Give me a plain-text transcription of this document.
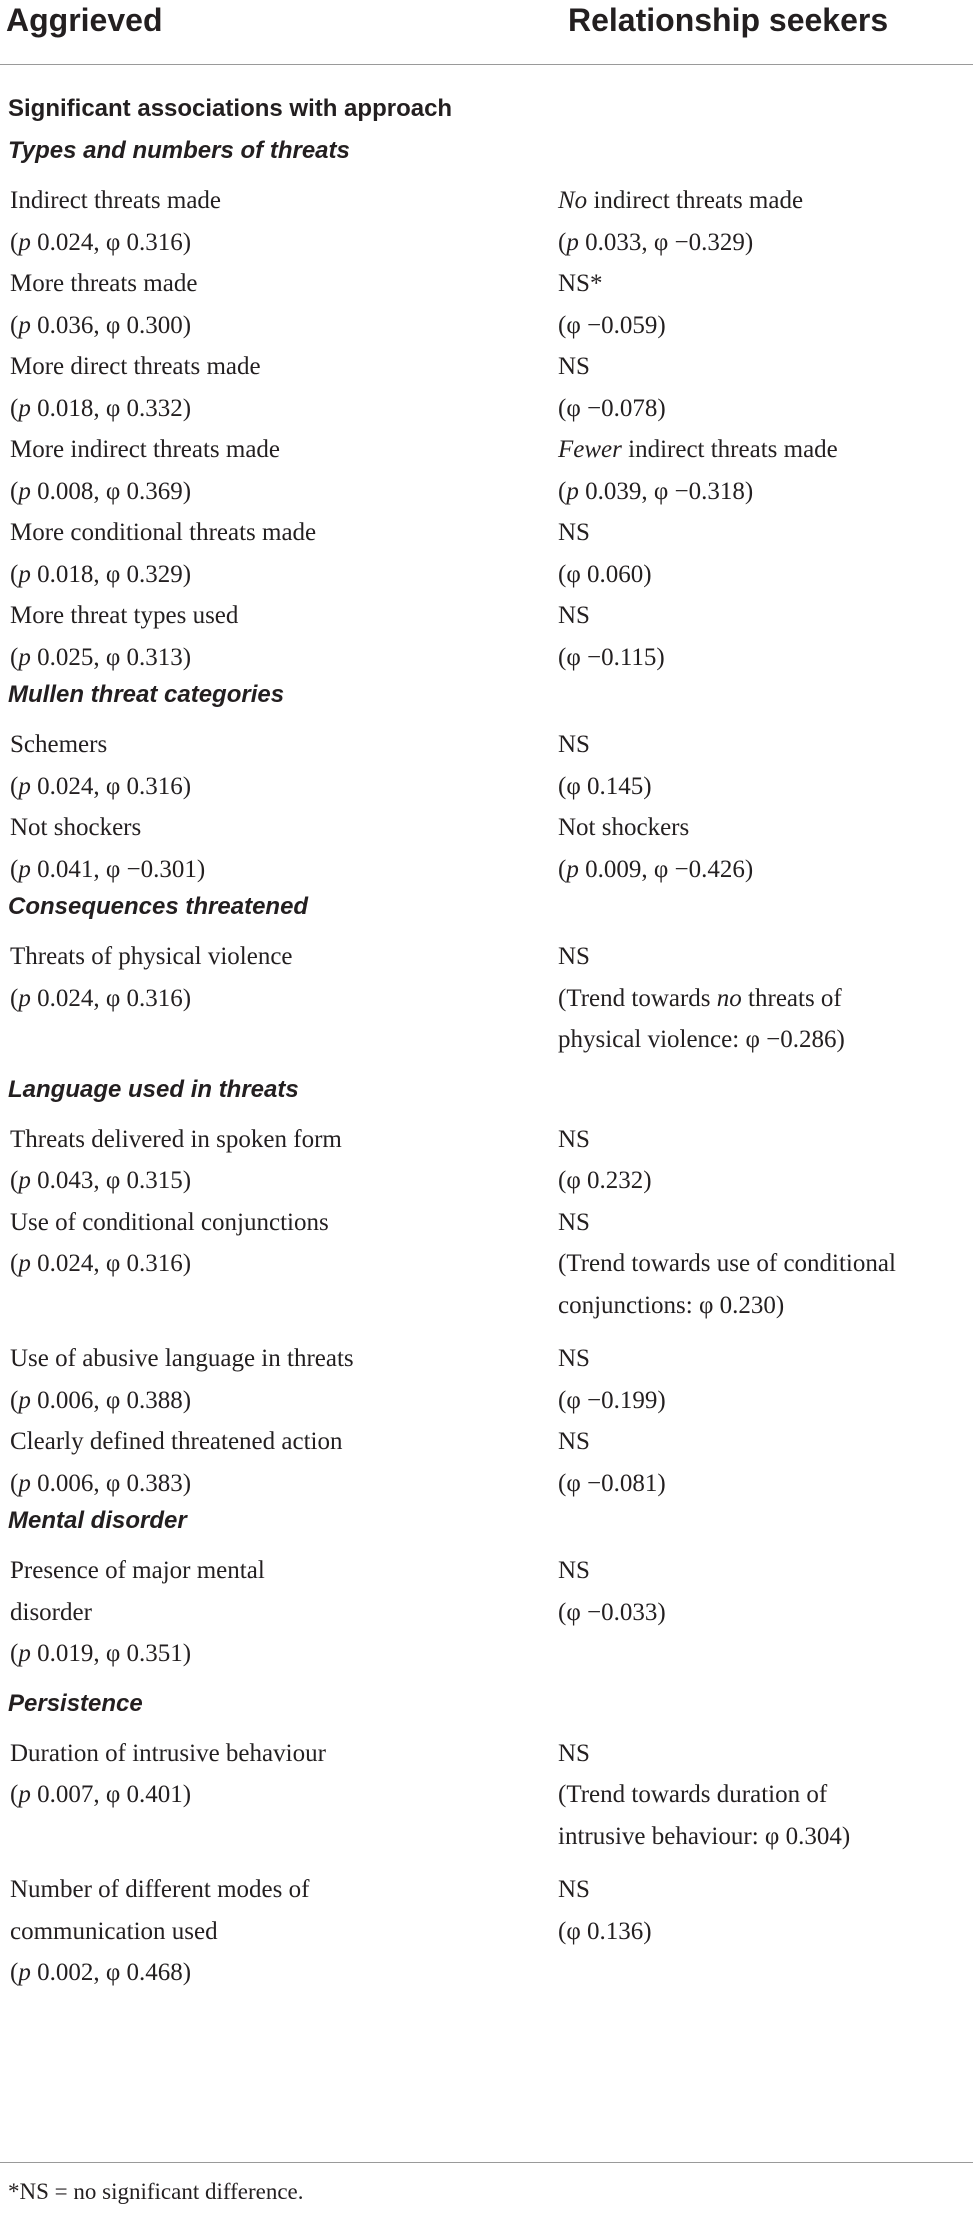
Aggrieved	Relationship seekers
Significant associations with approach
Types and numbers of threats
Indirect threats made
(p 0.024, φ 0.316)
No indirect threats made
(p 0.033, φ −0.329)
More threats made
(p 0.036, φ 0.300)
NS*
(φ −0.059)
More direct threats made
(p 0.018, φ 0.332)
NS
(φ −0.078)
More indirect threats made
(p 0.008, φ 0.369)
Fewer indirect threats made
(p 0.039, φ −0.318)
More conditional threats made
(p 0.018, φ 0.329)
NS
(φ 0.060)
More threat types used
(p 0.025, φ 0.313)
NS
(φ −0.115)
Mullen threat categories
Schemers
(p 0.024, φ 0.316)
NS
(φ 0.145)
Not shockers
(p 0.041, φ −0.301)
Not shockers
(p 0.009, φ −0.426)
Consequences threatened
Threats of physical violence
(p 0.024, φ 0.316)
NS
(Trend towards no threats of
physical violence: φ −0.286)
Language used in threats
Threats delivered in spoken form
(p 0.043, φ 0.315)
NS
(φ 0.232)
Use of conditional conjunctions
(p 0.024, φ 0.316)
NS
(Trend towards use of conditional
conjunctions: φ 0.230)
Use of abusive language in threats
(p 0.006, φ 0.388)
NS
(φ −0.199)
Clearly defined threatened action
(p 0.006, φ 0.383)
NS
(φ −0.081)
Mental disorder
Presence of major mental
disorder
(p 0.019, φ 0.351)
NS
(φ −0.033)
Persistence
Duration of intrusive behaviour
(p 0.007, φ 0.401)
NS
(Trend towards duration of
intrusive behaviour: φ 0.304)
Number of different modes of
communication used
(p 0.002, φ 0.468)
NS
(φ 0.136)
*NS = no significant difference.
